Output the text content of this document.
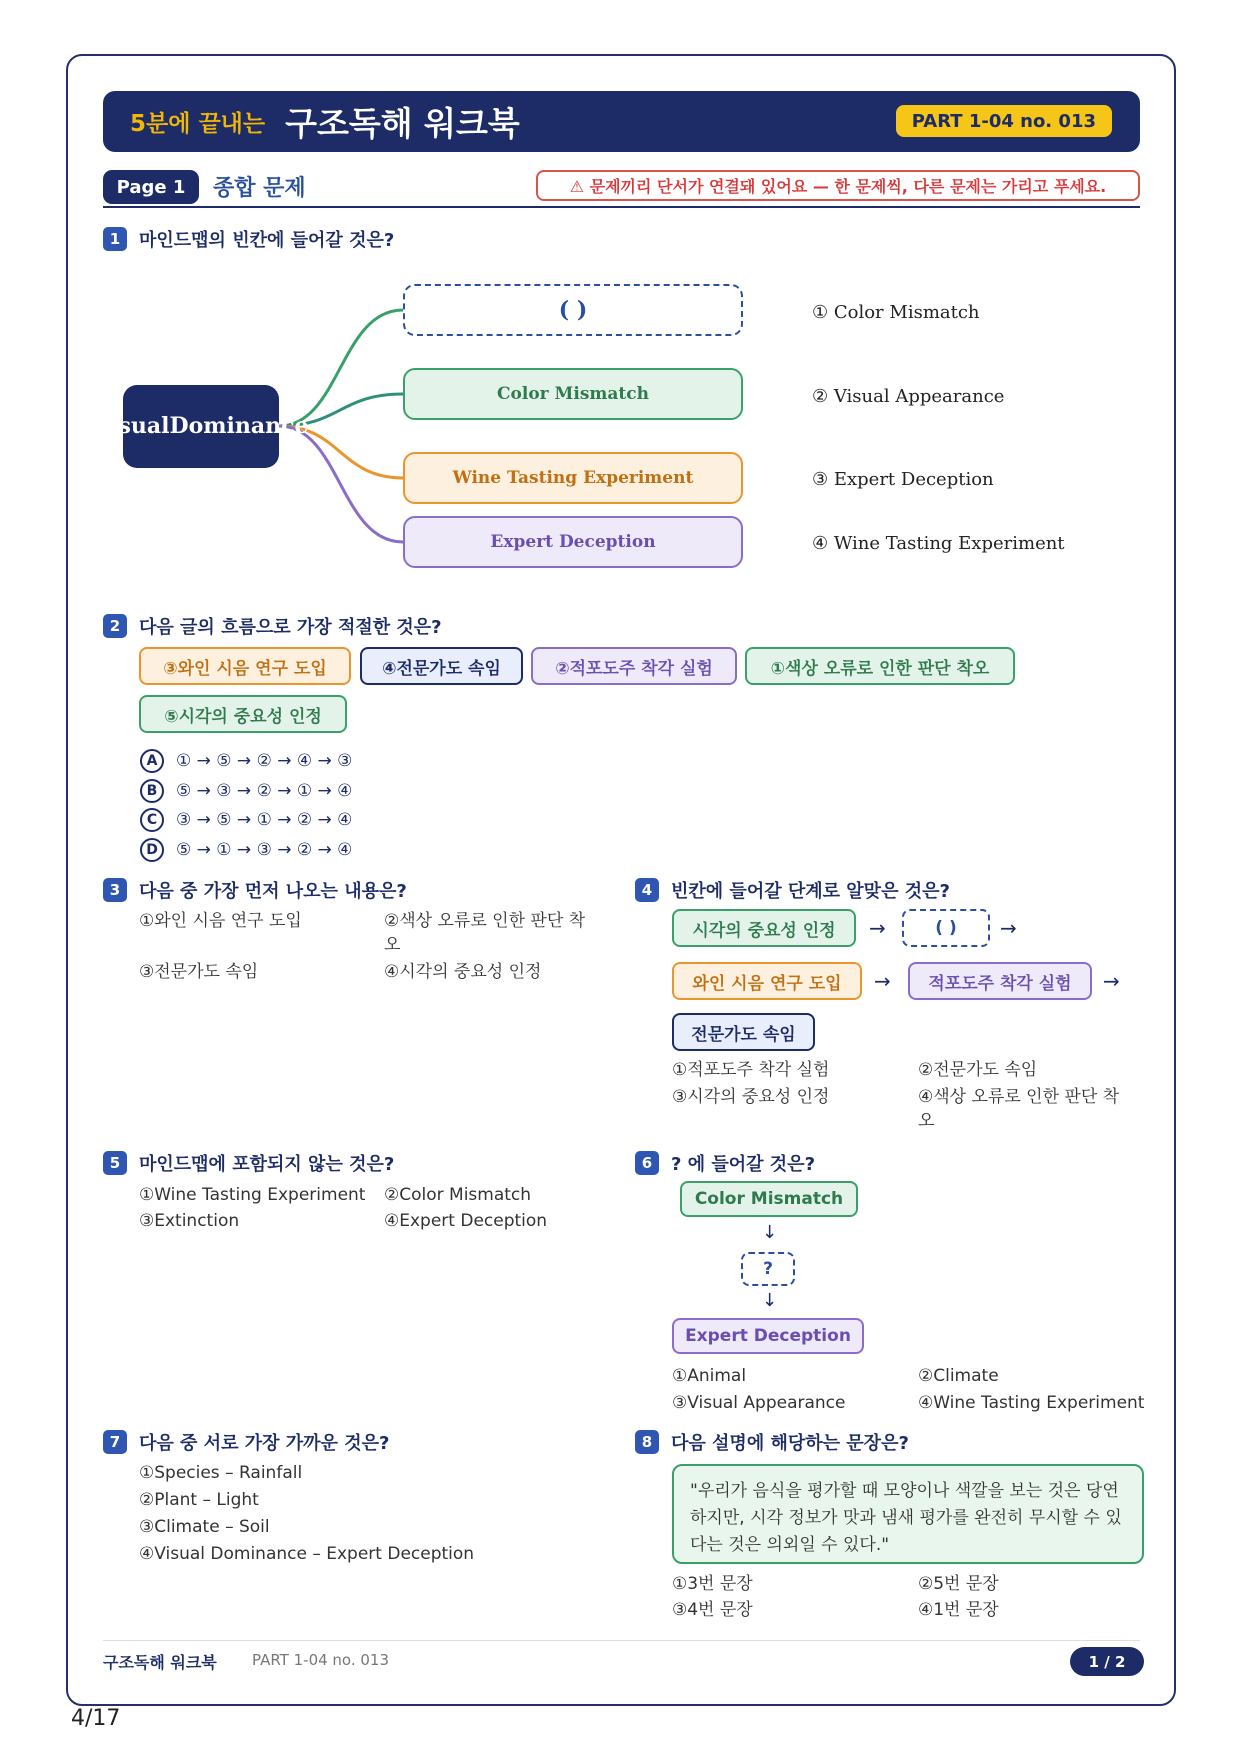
5분에 끝내는 구조독해 워크북	PART 1-04 no. 013
Page 1	종합 문제	⚠ 문제끼리 단서가 연결돼 있어요 — 한 문제씩, 다른 문제는 가리고 푸세요.
1	마인드맵의 빈칸에 들어갈 것은?
Visual Dominance
( )
Color Mismatch
Wine Tasting Experiment
Expert Deception
① Color Mismatch
② Visual Appearance
③ Expert Deception
④ Wine Tasting Experiment
2	다음 글의 흐름으로 가장 적절한 것은?
③와인 시음 연구 도입	④전문가도 속임	②적포도주 착각 실험	①색상 오류로 인한 판단 착오
⑤시각의 중요성 인정
A	① → ⑤ → ② → ④ → ③
B	⑤ → ③ → ② → ① → ④
C	③ → ⑤ → ① → ② → ④
D	⑤ → ① → ③ → ② → ④
3	다음 중 가장 먼저 나오는 내용은?
①와인 시음 연구 도입	②색상 오류로 인한 판단 착오
③전문가도 속임	④시각의 중요성 인정
4	빈칸에 들어갈 단계로 알맞은 것은?
시각의 중요성 인정	→	( )	→
와인 시음 연구 도입	→	적포도주 착각 실험	→
전문가도 속임
①적포도주 착각 실험	②전문가도 속임
③시각의 중요성 인정	④색상 오류로 인한 판단 착오
5	마인드맵에 포함되지 않는 것은?
①Wine Tasting Experiment ②Color Mismatch
③Extinction	④Expert Deception
6	? 에 들어갈 것은?
Color Mismatch
↓
?
↓
Expert Deception
①Animal	②Climate
③Visual Appearance	④Wine Tasting Experiment
7	다음 중 서로 가장 가까운 것은?
①Species – Rainfall
②Plant – Light
③Climate – Soil
④Visual Dominance – Expert Deception
8	다음 설명에 해당하는 문장은?
"우리가 음식을 평가할 때 모양이나 색깔을 보는 것은 당연하지만, 시각 정보가 맛과 냄새 평가를 완전히 무시할 수 있다는 것은 의외일 수 있다."
①3번 문장	②5번 문장
③4번 문장	④1번 문장
구조독해 워크북 PART 1-04 no. 013	1 / 2
4/17
